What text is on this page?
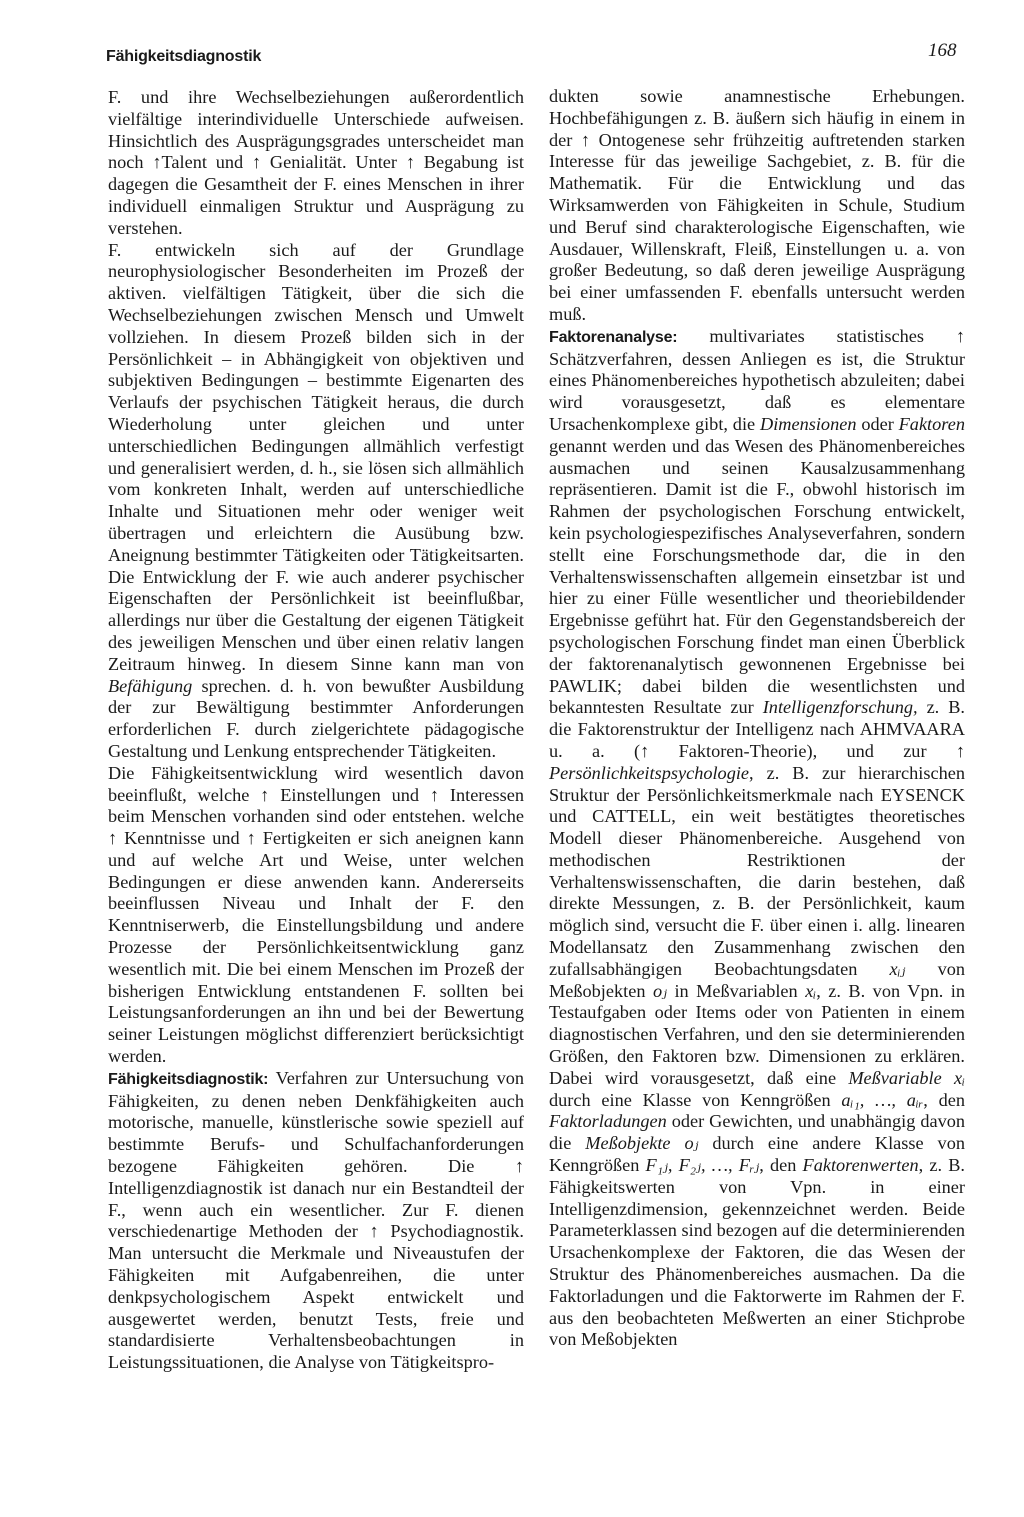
Fähigkeitsdiagnostik	168

F. und ihre Wechselbeziehungen außerordentlich vielfältige interindividuelle Unterschiede aufweisen. Hinsichtlich des Ausprägungsgrades unterscheidet man noch ↑Talent und ↑ Genialität. Unter ↑ Begabung ist dagegen die Gesamtheit der F. eines Menschen in ihrer individuell einmaligen Struktur und Ausprägung zu verstehen.

F. entwickeln sich auf der Grundlage neurophysiologischer Besonderheiten im Prozeß der aktiven. vielfältigen Tätigkeit, über die sich die Wechselbeziehungen zwischen Mensch und Umwelt vollziehen. In diesem Prozeß bilden sich in der Persönlichkeit – in Abhängigkeit von objektiven und subjektiven Bedingungen – bestimmte Eigenarten des Verlaufs der psychischen Tätigkeit heraus, die durch Wiederholung unter gleichen und unter unterschiedlichen Bedingungen allmählich verfestigt und generalisiert werden, d. h., sie lösen sich allmählich vom konkreten Inhalt, werden auf unterschiedliche Inhalte und Situationen mehr oder weniger weit übertragen und erleichtern die Ausübung bzw. Aneignung bestimmter Tätigkeiten oder Tätigkeitsarten. Die Entwicklung der F. wie auch anderer psychischer Eigenschaften der Persönlichkeit ist beeinflußbar, allerdings nur über die Gestaltung der eigenen Tätigkeit des jeweiligen Menschen und über einen relativ langen Zeitraum hinweg. In diesem Sinne kann man von Befähigung sprechen. d. h. von bewußter Ausbildung der zur Bewältigung bestimmter Anforderungen erforderlichen F. durch zielgerichtete pädagogische Gestaltung und Lenkung entsprechender Tätigkeiten.

Die Fähigkeitsentwicklung wird wesentlich davon beeinflußt, welche ↑ Einstellungen und ↑ Interessen beim Menschen vorhanden sind oder entstehen. welche ↑ Kenntnisse und ↑ Fertigkeiten er sich aneignen kann und auf welche Art und Weise, unter welchen Bedingungen er diese anwenden kann. Andererseits beeinflussen Niveau und Inhalt der F. den Kenntniserwerb, die Einstellungsbildung und andere Prozesse der Persönlichkeitsentwicklung ganz wesentlich mit. Die bei einem Menschen im Prozeß der bisherigen Entwicklung entstandenen F. sollten bei Leistungsanforderungen an ihn und bei der Bewertung seiner Leistungen möglichst differenziert berücksichtigt werden.

Fähigkeitsdiagnostik: Verfahren zur Untersuchung von Fähigkeiten, zu denen neben Denkfähigkeiten auch motorische, manuelle, künstlerische sowie speziell auf bestimmte Berufs- und Schulfachanforderungen bezogene Fähigkeiten gehören. Die ↑ Intelligenzdiagnostik ist danach nur ein Bestandteil der F., wenn auch ein wesentlicher. Zur F. dienen verschiedenartige Methoden der ↑ Psychodiagnostik. Man untersucht die Merkmale und Niveaustufen der Fähigkeiten mit Aufgabenreihen, die unter denkpsychologischem Aspekt entwickelt und ausgewertet werden, benutzt Tests, freie und standardisierte Verhaltensbeobachtungen in Leistungssituationen, die Analyse von Tätigkeitspro-

dukten sowie anamnestische Erhebungen. Hochbefähigungen z. B. äußern sich häufig in einem in der ↑ Ontogenese sehr frühzeitig auftretenden starken Interesse für das jeweilige Sachgebiet, z. B. für die Mathematik. Für die Entwicklung und das Wirksamwerden von Fähigkeiten in Schule, Studium und Beruf sind charakterologische Eigenschaften, wie Ausdauer, Willenskraft, Fleiß, Einstellungen u. a. von großer Bedeutung, so daß deren jeweilige Ausprägung bei einer umfassenden F. ebenfalls untersucht werden muß.

Faktorenanalyse: multivariates statistisches ↑ Schätzverfahren, dessen Anliegen es ist, die Struktur eines Phänomenbereiches hypothetisch abzuleiten; dabei wird vorausgesetzt, daß es elementare Ursachenkomplexe gibt, die Dimensionen oder Faktoren genannt werden und das Wesen des Phänomenbereiches ausmachen und seinen Kausalzusammenhang repräsentieren. Damit ist die F., obwohl historisch im Rahmen der psychologischen Forschung entwickelt, kein psychologiespezifisches Analyseverfahren, sondern stellt eine Forschungsmethode dar, die in den Verhaltenswissenschaften allgemein einsetzbar ist und hier zu einer Fülle wesentlicher und theoriebildender Ergebnisse geführt hat. Für den Gegenstandsbereich der psychologischen Forschung findet man einen Überblick der faktorenanalytisch gewonnenen Ergebnisse bei PAWLIK; dabei bilden die wesentlichsten und bekanntesten Resultate zur Intelligenzforschung, z. B. die Faktorenstruktur der Intelligenz nach AHMVAARA u. a. (↑ Faktoren-Theorie), und zur ↑ Persönlichkeitspsychologie, z. B. zur hierarchischen Struktur der Persönlichkeitsmerkmale nach EYSENCK und CATTELL, ein weit bestätigtes theoretisches Modell dieser Phänomenbereiche. Ausgehend von methodischen Restriktionen der Verhaltenswissenschaften, die darin bestehen, daß direkte Messungen, z. B. der Persönlichkeit, kaum möglich sind, versucht die F. über einen i. allg. linearen Modellansatz den Zusammenhang zwischen den zufallsabhängigen Beobachtungsdaten xᵢⱼ von Meßobjekten oⱼ in Meßvariablen xᵢ, z. B. von Vpn. in Testaufgaben oder Items oder von Patienten in einem diagnostischen Verfahren, und den sie determinierenden Größen, den Faktoren bzw. Dimensionen zu erklären. Dabei wird vorausgesetzt, daß eine Meßvariable xᵢ durch eine Klasse von Kenngrößen aᵢ₁, …, aᵢᵣ, den Faktorladungen oder Gewichten, und unabhängig davon die Meßobjekte oⱼ durch eine andere Klasse von Kenngrößen F₁ⱼ, F₂ⱼ, …, Fᵣⱼ, den Faktorenwerten, z. B. Fähigkeitswerten von Vpn. in einer Intelligenzdimension, gekennzeichnet werden. Beide Parameterklassen sind bezogen auf die determinierenden Ursachenkomplexe der Faktoren, die das Wesen der Struktur des Phänomenbereiches ausmachen. Da die Faktorladungen und die Faktorwerte im Rahmen der F. aus den beobachteten Meßwerten an einer Stichprobe von Meßobjekten
